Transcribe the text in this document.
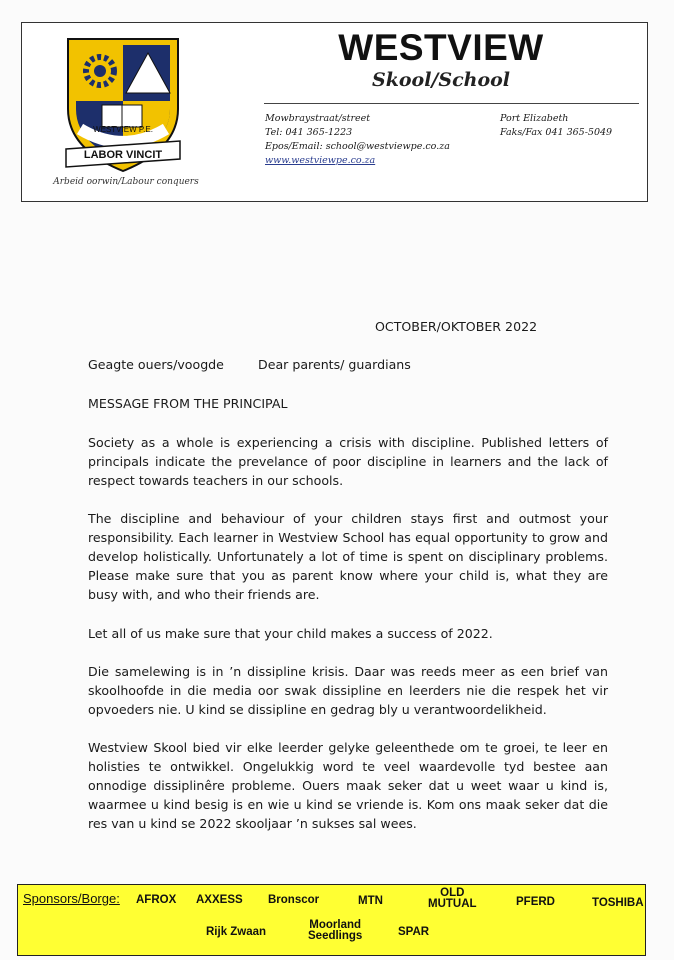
WESTVIEW P.E.
LABOR VINCIT
Arbeid oorwin/Labour conquers
WESTVIEW
Skool/School
Mowbraystraat/street
Tel: 041 365-1223
Epos/Email: school@westviewpe.co.za
www.westviewpe.co.za
Port Elizabeth
Faks/Fax 041 365-5049
OCTOBER/OKTOBER 2022
Geagte ouers/voogde	Dear parents/ guardians
MESSAGE FROM THE PRINCIPAL
Society as a whole is experiencing a crisis with discipline. Published letters of principals indicate the prevelance of poor discipline in learners and the lack of respect towards teachers in our schools.
The discipline and behaviour of your children stays first and outmost your responsibility. Each learner in Westview School has equal opportunity to grow and develop holistically. Unfortunately a lot of time is spent on disciplinary problems. Please make sure that you as parent know where your child is, what they are busy with, and who their friends are.
Let all of us make sure that your child makes a success of 2022.
Die samelewing is in ’n dissipline krisis. Daar was reeds meer as een brief van skoolhoofde in die media oor swak dissipline en leerders nie die respek het vir opvoeders nie. U kind se dissipline en gedrag bly u verantwoordelikheid.
Westview Skool bied vir elke leerder gelyke geleenthede om te groei, te leer en holisties te ontwikkel. Ongelukkig word te veel waardevolle tyd bestee aan onnodige dissiplinêre probleme. Ouers maak seker dat u weet waar u kind is, waarmee u kind besig is en wie u kind se vriende is. Kom ons maak seker dat die res van u kind se 2022 skooljaar ’n sukses sal wees.
Sponsors/Borge: AFROX AXXESS Bronscor	MTN
OLD
MUTUAL	PFERD	TOSHIBA
Rijk Zwaan
Moorland
Seedlings	SPAR
